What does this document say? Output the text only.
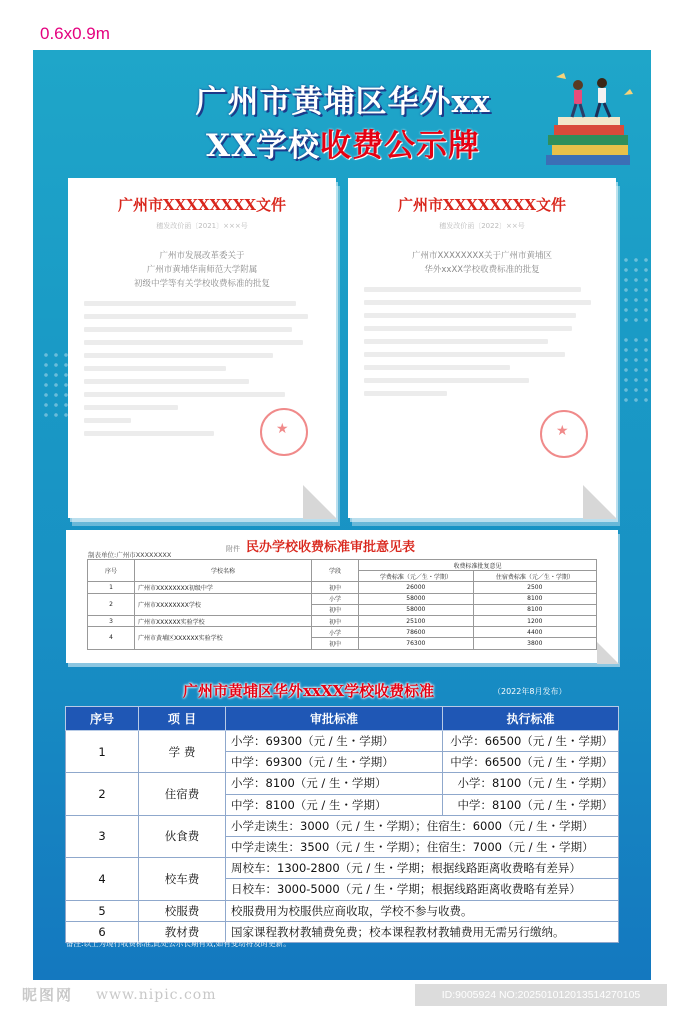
0.6x0.9m
广州市黄埔区华外xx
XX学校收费公示牌
广州市XXXXXXXX文件
穗发改价函〔2021〕×××号
广州市发展改革委关于
广州市黄埔华南师范大学附属
初级中学等有关学校收费标准的批复
★
广州市XXXXXXXX文件
穗发改价函〔2022〕××号
广州市XXXXXXXX关于广州市黄埔区
华外xxXX学校收费标准的批复
★
附件 民办学校收费标准审批意见表
制表单位:广州市XXXXXXXX
序号	学校名称	学段	收费标准批复意见	
			学费标准（元／生・学期）	住宿费标准（元／生・学期）
1	广州市XXXXXXXX初级中学	初中	26000	2500
2	广州市XXXXXXXX学校	小学	58000	8100
		初中	58000	8100
3	广州市XXXXXX实验学校	初中	25100	1200
4	广州市黄埔区XXXXXX实验学校	小学	78600	4400
		初中	76300	3800
广州市黄埔区华外xxXX学校收费标准	（2022年8月发布）
序号	项 目	审批标准	执行标准
1	学 费	小学：69300（元 / 生・学期）	小学：66500（元 / 生・学期）
		中学：69300（元 / 生・学期）	中学：66500（元 / 生・学期）
2	住宿费	小学：8100（元 / 生・学期）	小学：8100（元 / 生・学期）
		中学：8100（元 / 生・学期）	中学：8100（元 / 生・学期）
3	伙食费	小学走读生：3000（元 / 生・学期）；住宿生：6000（元 / 生・学期）	
		中学走读生：3500（元 / 生・学期）；住宿生：7000（元 / 生・学期）	
4	校车费	周校车：1300-2800（元 / 生・学期；根据线路距离收费略有差异）	
		日校车：3000-5000（元 / 生・学期；根据线路距离收费略有差异）	
5	校服费	校服费用为校服供应商收取，学校不参与收费。	
6	教材费	国家课程教材教辅费免费；校本课程教材教辅费用无需另行缴纳。	
备注:以上为现行收费标准,此处公示长期有效,如有变动将及时更新。
昵图网 www.nipic.com	ID:9005924 NO:20250101201351427010​5
